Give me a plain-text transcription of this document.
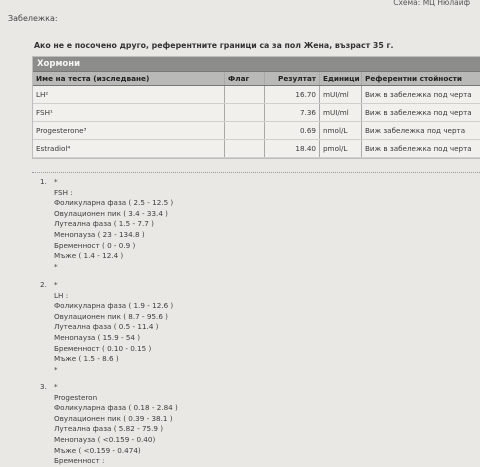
Схема: МЦ Нюлайф
Забележка:
Ако не е посочено друго, референтните граници са за пол Жена, възраст 35 г.
Хормони
Име на теста (изследване)	Флаг	Резултат Единици Референтни стойности
LH²	16.70 mUI/ml	Виж в забележка под черта
FSH¹	7.36 mUI/ml	Виж в забележка под черта
Progesterone³	0.69 nmol/L	Виж забележка под черта
Estradiol⁴	18.40 pmol/L	Виж в забележка под черта
1. *
FSH :
Фоликуларна фаза ( 2.5 - 12.5 )
Овулационен пик ( 3.4 - 33.4 )
Лутеална фаза ( 1.5 - 7.7 )
Менопауза ( 23 - 134.8 )
Бременност ( 0 - 0.9 )
Мъже ( 1.4 - 12.4 )
*
2. *
LH :
Фоликуларна фаза ( 1.9 - 12.6 )
Овулационен пик ( 8.7 - 95.6 )
Лутеална фаза ( 0.5 - 11.4 )
Менопауза ( 15.9 - 54 )
Бременност ( 0.10 - 0.15 )
Мъже ( 1.5 - 8.6 )
*
3. *
Progesteron
Фоликуларна фаза ( 0.18 - 2.84 )
Овулационен пик ( 0.39 - 38.1 )
Лутеална фаза ( 5.82 - 75.9 )
Менопауза ( <0.159 - 0.40)
Мъже ( <0.159 - 0.474)
Бременност :
